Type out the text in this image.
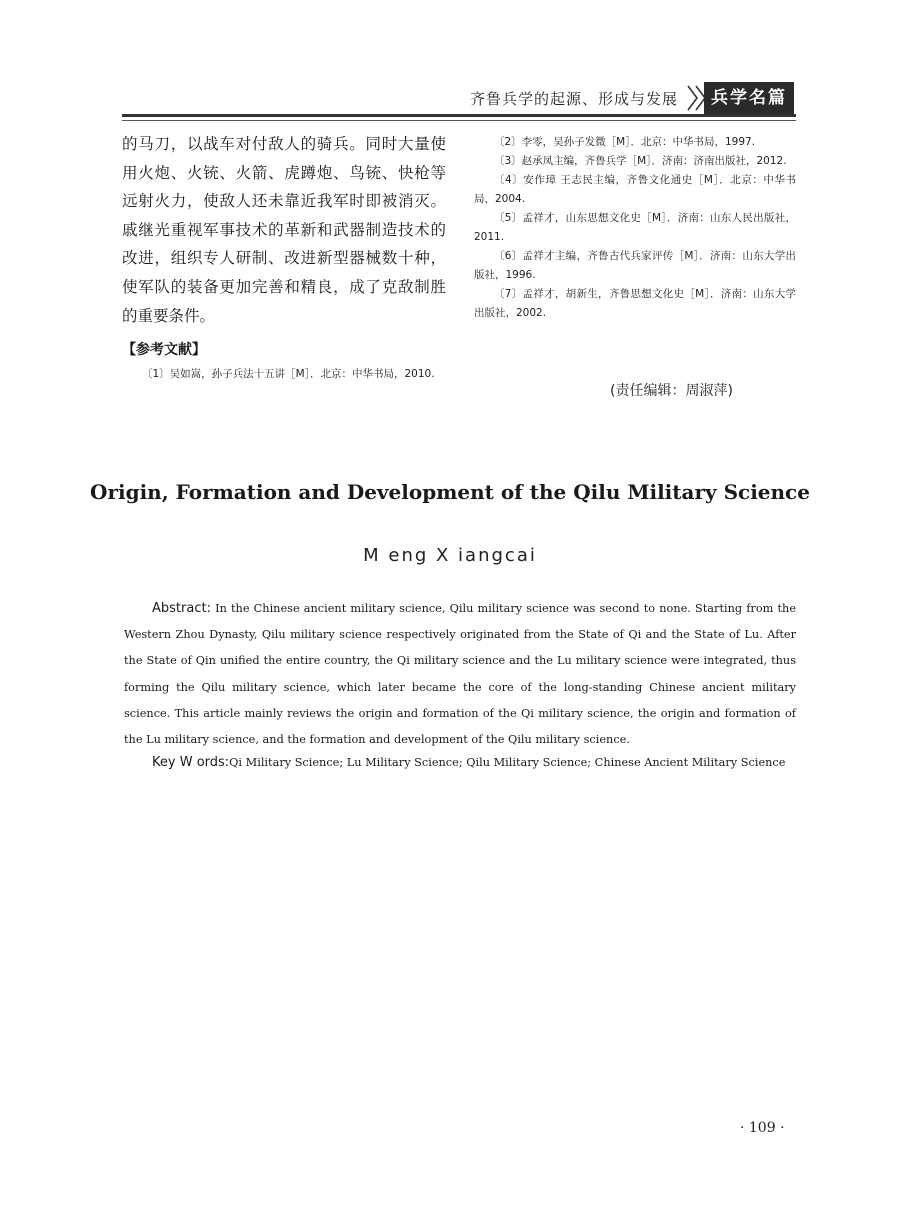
齐鲁兵学的起源、形成与发展	兵学名篇
的马刀，以战车对付敌人的骑兵。同时大量使用火炮、火铳、火箭、虎蹲炮、鸟铳、快枪等远射火力，使敌人还未靠近我军时即被消灭。戚继光重视军事技术的革新和武器制造技术的改进，组织专人研制、改进新型器械数十种，使军队的装备更加完善和精良，成了克敌制胜的重要条件。
【参考文献】
〔1〕吴如嵩，孙子兵法十五讲［M］．北京：中华书局，2010.
〔2〕李零，吴孙子发微［M］．北京：中华书局，1997.
〔3〕赵承凤主编，齐鲁兵学［M］．济南：济南出版社，2012.
〔4〕安作璋 王志民主编，齐鲁文化通史［M］．北京：中华书局，2004.
〔5〕孟祥才，山东思想文化史［M］．济南：山东人民出版社，2011.
〔6〕孟祥才主编，齐鲁古代兵家评传［M］．济南：山东大学出版社，1996.
〔7〕孟祥才，胡新生，齐鲁思想文化史［M］．济南：山东大学出版社，2002.
(责任编辑：周淑萍)
Origin, Formation and Development of the Qilu Military Science
M eng X iangcai
Abstract: In the Chinese ancient military science, Qilu military science was second to none. Starting from the Western Zhou Dynasty, Qilu military science respectively originated from the State of Qi and the State of Lu. After the State of Qin unified the entire country, the Qi military science and the Lu military science were integrated, thus forming the Qilu military science, which later became the core of the long-standing Chinese ancient military science. This article mainly reviews the origin and formation of the Qi military science, the origin and formation of the Lu military science, and the formation and development of the Qilu military science.
Key W ords:Qi Military Science; Lu Military Science; Qilu Military Science; Chinese Ancient Military Science
· 109 ·
